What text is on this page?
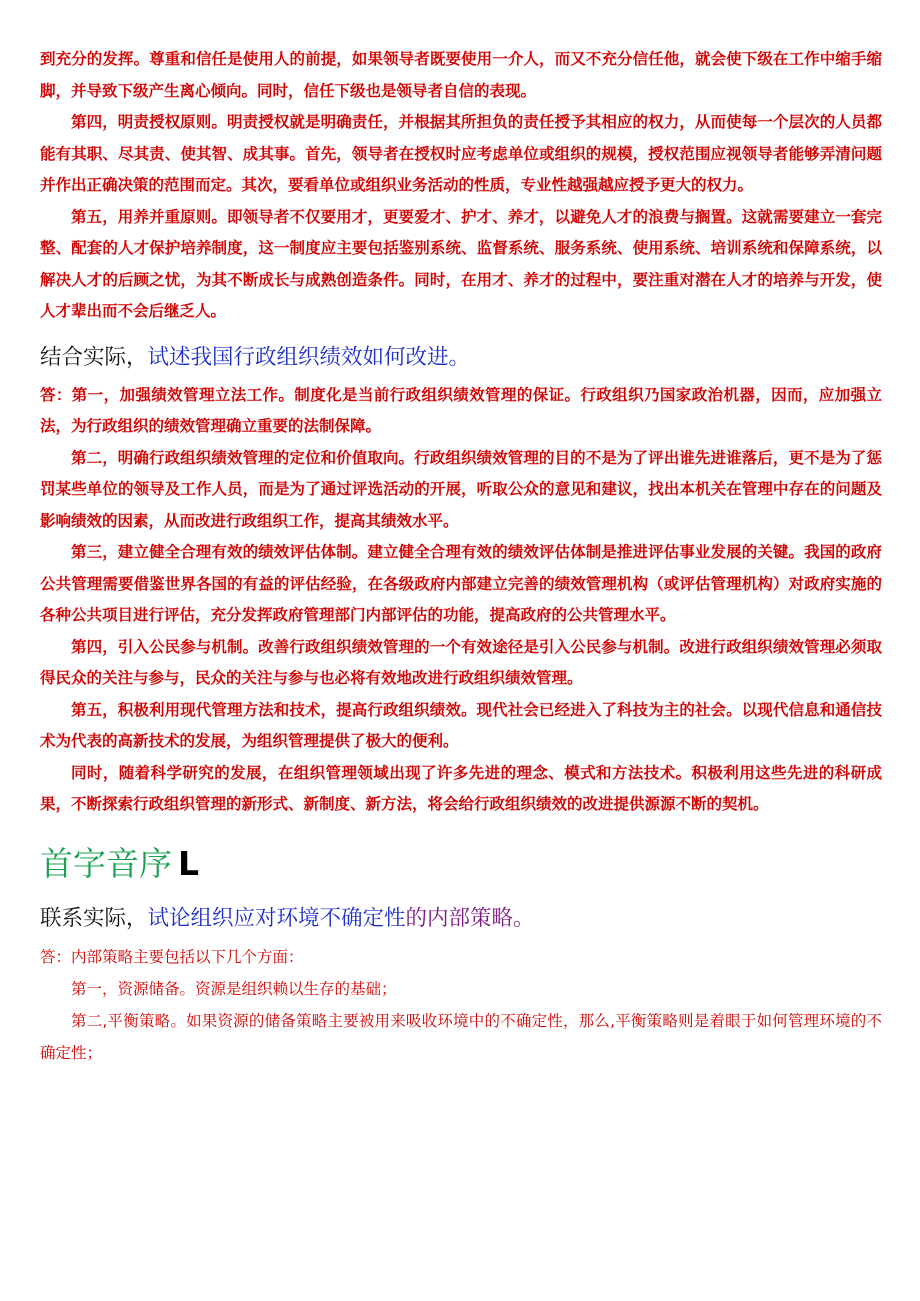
到充分的发挥。尊重和信任是使用人的前提，如果领导者既要使用一介人，而又不充分信任他，就会使下级在工作中缩手缩脚，并导致下级产生离心倾向。同时，信任下级也是领导者自信的表现。

第四，明责授权原则。明责授权就是明确责任，并根据其所担负的责任授予其相应的权力，从而使每一个层次的人员都能有其职、尽其责、使其智、成其事。首先，领导者在授权时应考虑单位或组织的规模，授权范围应视领导者能够弄清问题并作出正确决策的范围而定。其次，要看单位或组织业务活动的性质，专业性越强越应授予更大的权力。

第五，用养并重原则。即领导者不仅要用才，更要爱才、护才、养才，以避免人才的浪费与搁置。这就需要建立一套完整、配套的人才保护培养制度，这一制度应主要包括鉴别系统、监督系统、服务系统、使用系统、培训系统和保障系统，以解决人才的后顾之忧，为其不断成长与成熟创造条件。同时，在用才、养才的过程中，要注重对潜在人才的培养与开发，使人才辈出而不会后继乏人。

结合实际，试述我国行政组织绩效如何改进。

答：第一，加强绩效管理立法工作。制度化是当前行政组织绩效管理的保证。行政组织乃国家政治机器，因而，应加强立法，为行政组织的绩效管理确立重要的法制保障。

第二，明确行政组织绩效管理的定位和价值取向。行政组织绩效管理的目的不是为了评出谁先进谁落后，更不是为了惩罚某些单位的领导及工作人员，而是为了通过评选活动的开展，听取公众的意见和建议，找出本机关在管理中存在的问题及影响绩效的因素，从而改进行政组织工作，提高其绩效水平。

第三，建立健全合理有效的绩效评估体制。建立健全合理有效的绩效评估体制是推进评估事业发展的关键。我国的政府公共管理需要借鉴世界各国的有益的评估经验，在各级政府内部建立完善的绩效管理机构（或评估管理机构）对政府实施的各种公共项目进行评估，充分发挥政府管理部门内部评估的功能，提高政府的公共管理水平。

第四，引入公民参与机制。改善行政组织绩效管理的一个有效途径是引入公民参与机制。改进行政组织绩效管理必须取得民众的关注与参与，民众的关注与参与也必将有效地改进行政组织绩效管理。

第五，积极利用现代管理方法和技术，提高行政组织绩效。现代社会已经进入了科技为主的社会。以现代信息和通信技术为代表的高新技术的发展，为组织管理提供了极大的便利。

同时，随着科学研究的发展，在组织管理领域出现了许多先进的理念、模式和方法技术。积极利用这些先进的科研成果，不断探索行政组织管理的新形式、新制度、新方法，将会给行政组织绩效的改进提供源源不断的契机。

首字音序 L
联系实际，试论组织应对环境不确定性的内部策略。

答：内部策略主要包括以下几个方面：

第一，资源储备。资源是组织赖以生存的基础；

第二,平衡策略。如果资源的储备策略主要被用来吸收环境中的不确定性，那么,平衡策略则是着眼于如何管理环境的不确定性；
